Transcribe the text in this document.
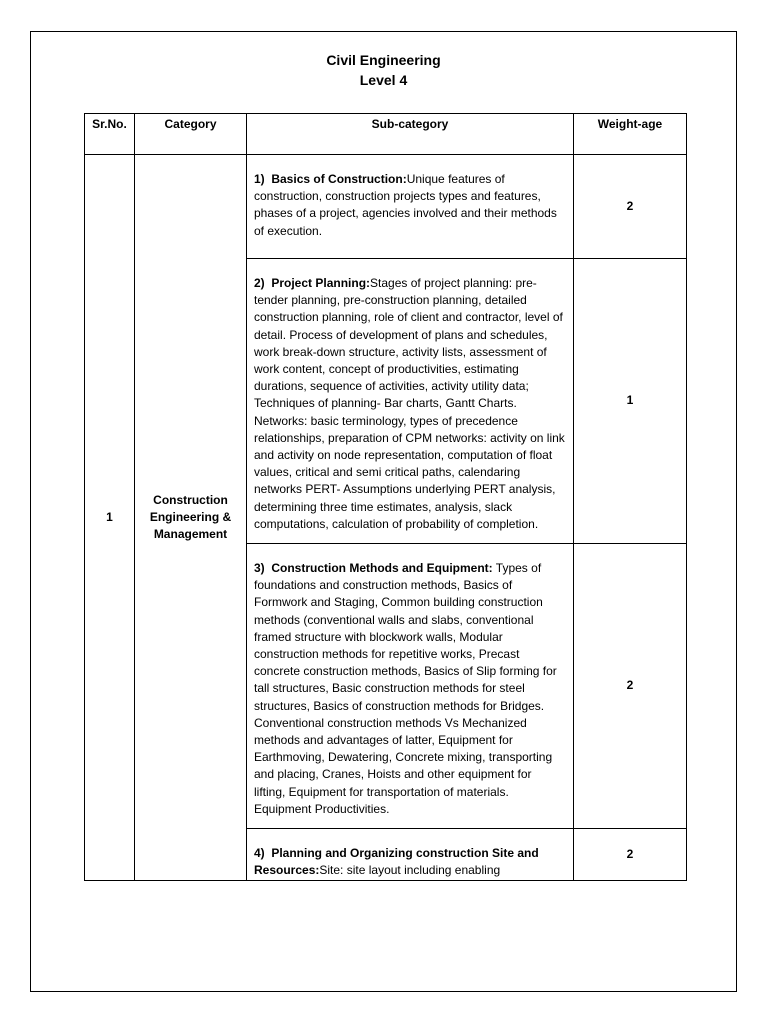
Civil Engineering
Level 4
Sr.No.	Category	Sub-category	Weight-age
1	Construction Engineering & Management	1) Basics of Construction:Unique features of construction, construction projects types and features, phases of a project, agencies involved and their methods of execution.	2
		2) Project Planning:Stages of project planning: pre-tender planning, pre-construction planning, detailed construction planning, role of client and contractor, level of detail. Process of development of plans and schedules, work break-down structure, activity lists, assessment of work content, concept of productivities, estimating durations, sequence of activities, activity utility data; Techniques of planning- Bar charts, Gantt Charts. Networks: basic terminology, types of precedence relationships, preparation of CPM networks: activity on link and activity on node representation, computation of float values, critical and semi critical paths, calendaring networks PERT- Assumptions underlying PERT analysis, determining three time estimates, analysis, slack computations, calculation of probability of completion.	1
		3) Construction Methods and Equipment: Types of foundations and construction methods, Basics of Formwork and Staging, Common building construction methods (conventional walls and slabs, conventional framed structure with blockwork walls, Modular construction methods for repetitive works, Precast concrete construction methods, Basics of Slip forming for tall structures, Basic construction methods for steel structures, Basics of construction methods for Bridges. Conventional construction methods Vs Mechanized methods and advantages of latter, Equipment for Earthmoving, Dewatering, Concrete mixing, transporting and placing, Cranes, Hoists and other equipment for lifting, Equipment for transportation of materials. Equipment Productivities.	2
		4) Planning and Organizing construction Site and Resources:Site: site layout including enabling	2
